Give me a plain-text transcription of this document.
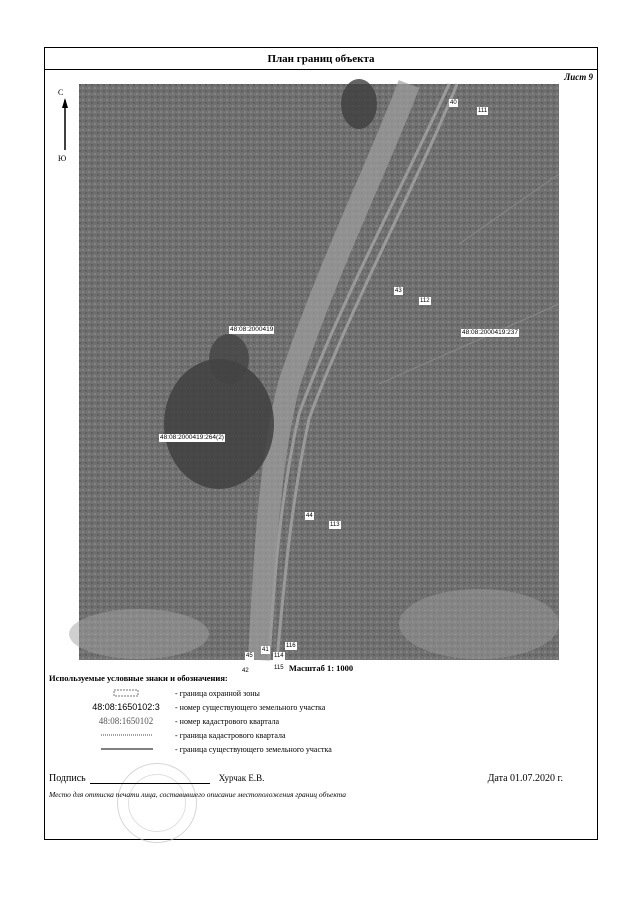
План границ объекта
Лист 9
С
Ю
48:08:2000419	48:08:2000419:237
48:08:2000419:264(2)
40
111
43
112
44
113
45	114
42	115
41
116
Масштаб 1: 1000
Используемые условные знаки и обозначения:
- граница охранной зоны
48:08:1650102:3	- номер существующего земельного участка
48:08:1650102	- номер кадастрового квартала
- граница кадастрового квартала
- граница существующего земельного участка
Подпись	Хурчак Е.В.	Дата 01.07.2020 г.
Место для оттиска печати лица, составившего описание местоположения границ объекта
